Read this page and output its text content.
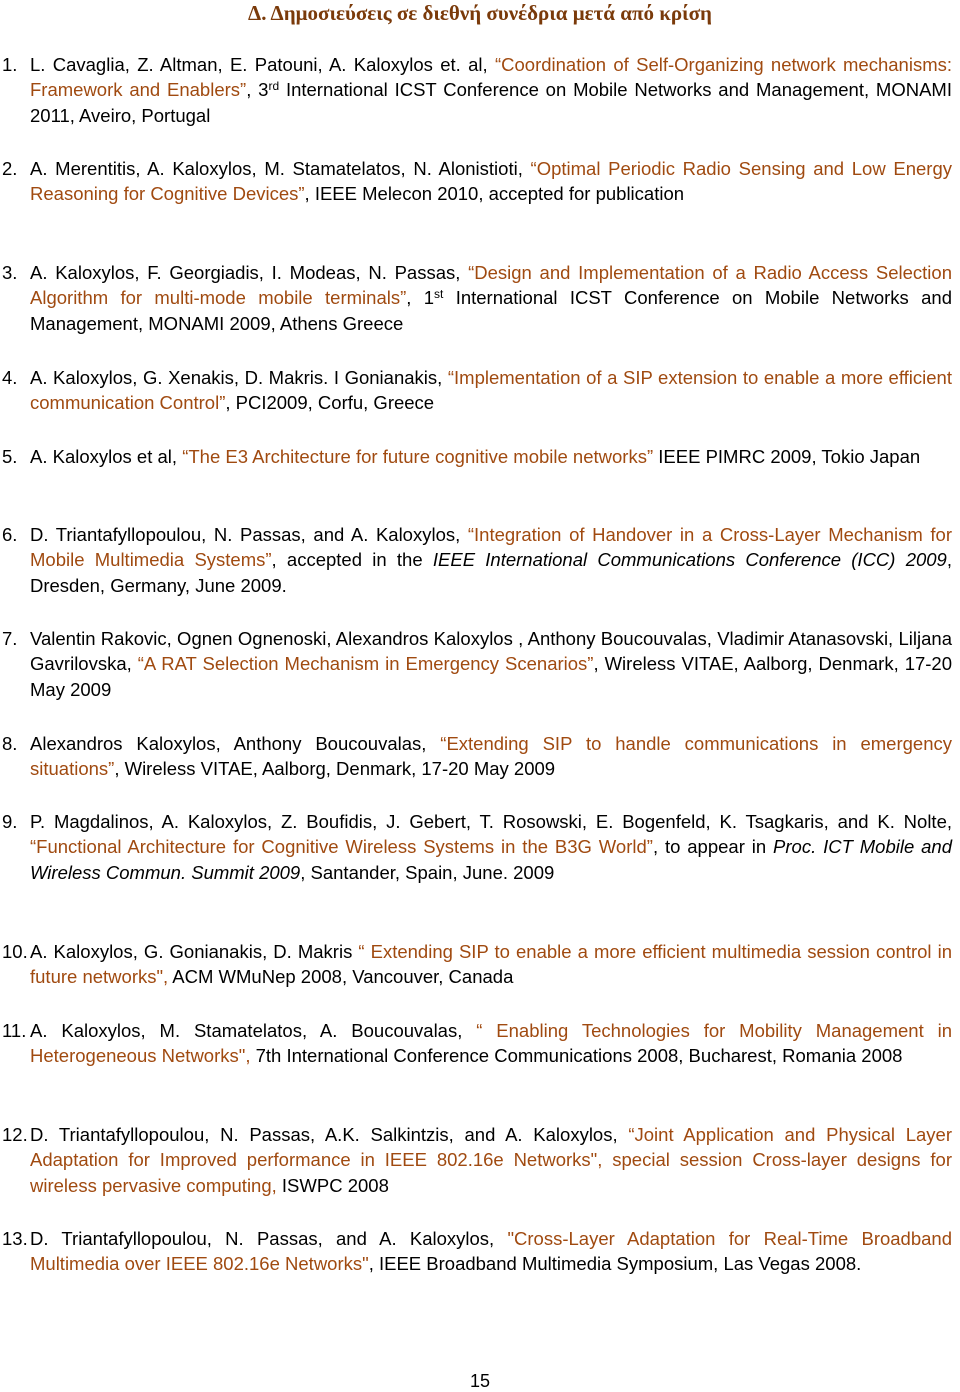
Δ. Δημοσιεύσεις σε διεθνή συνέδρια μετά από κρίση
1. L. Cavaglia, Z. Altman, E. Patouni, A. Kaloxylos et. al, “Coordination of Self-Organizing network mechanisms: Framework and Enablers”, 3rd International ICST Conference on Mobile Networks and Management, MONAMI 2011, Aveiro, Portugal
2. A. Merentitis, A. Kaloxylos, M. Stamatelatos, N. Alonistioti, “Optimal Periodic Radio Sensing and Low Energy Reasoning for Cognitive Devices”, IEEE Melecon 2010, accepted for publication
3. A. Kaloxylos, F. Georgiadis, I. Modeas, N. Passas, “Design and Implementation of a Radio Access Selection Algorithm for multi-mode mobile terminals”, 1st International ICST Conference on Mobile Networks and Management, MONAMI 2009, Athens Greece
4. A. Kaloxylos, G. Xenakis, D. Makris. I Gonianakis, “Implementation of a SIP extension to enable a more efficient communication Control”, PCI2009, Corfu, Greece
5. A. Kaloxylos et al, “The E3 Architecture for future cognitive mobile networks” IEEE PIMRC 2009, Tokio Japan
6. D. Triantafyllopoulou, N. Passas, and A. Kaloxylos, “Integration of Handover in a Cross-Layer Mechanism for Mobile Multimedia Systems”, accepted in the IEEE International Communications Conference (ICC) 2009, Dresden, Germany, June 2009.
7. Valentin Rakovic, Ognen Ognenoski, Alexandros Kaloxylos , Anthony Boucouvalas, Vladimir Atanasovski, Liljana Gavrilovska, “A RAT Selection Mechanism in Emergency Scenarios”, Wireless VITAE, Aalborg, Denmark, 17-20 May 2009
8. Alexandros Kaloxylos, Anthony Boucouvalas, “Extending SIP to handle communications in emergency situations”, Wireless VITAE, Aalborg, Denmark, 17-20 May 2009
9. P. Magdalinos, A. Kaloxylos, Z. Boufidis, J. Gebert, T. Rosowski, E. Bogenfeld, K. Tsagkaris, and K. Nolte, “Functional Architecture for Cognitive Wireless Systems in the B3G World”, to appear in Proc. ICT Mobile and Wireless Commun. Summit 2009, Santander, Spain, June. 2009
10. A. Kaloxylos, G. Gonianakis, D. Makris “ Extending SIP to enable a more efficient multimedia session control in future networks", ACM WMuNep 2008, Vancouver, Canada
11. A. Kaloxylos, M. Stamatelatos, A. Boucouvalas, “ Enabling Technologies for Mobility Management in Heterogeneous Networks", 7th International Conference Communications 2008, Bucharest, Romania 2008
12. D. Triantafyllopoulou, N. Passas, A.K. Salkintzis, and A. Kaloxylos, “Joint Application and Physical Layer Adaptation for Improved performance in IEEE 802.16e Networks", special session Cross-layer designs for wireless pervasive computing, ISWPC 2008
13. D. Triantafyllopoulou, N. Passas, and A. Kaloxylos, "Cross-Layer Adaptation for Real-Time Broadband Multimedia over IEEE 802.16e Networks", IEEE Broadband Multimedia Symposium, Las Vegas 2008.
15
